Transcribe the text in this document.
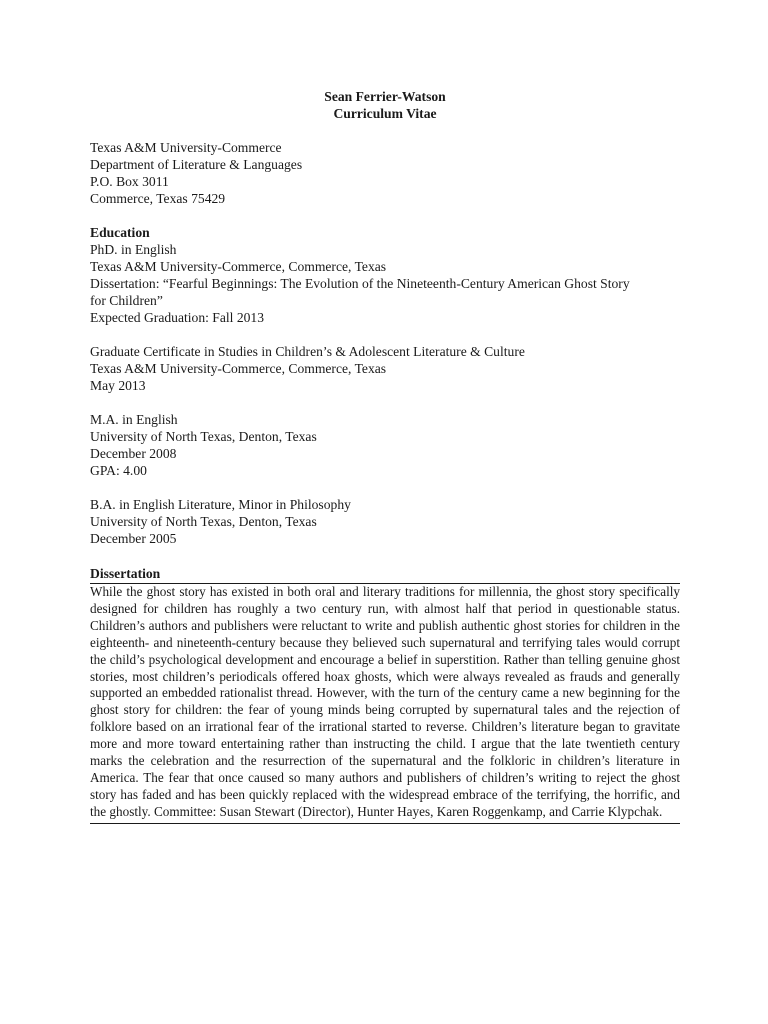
Sean Ferrier-Watson
Curriculum Vitae
Texas A&M University-Commerce
Department of Literature & Languages
P.O. Box 3011
Commerce, Texas 75429
Education
PhD. in English
Texas A&M University-Commerce, Commerce, Texas
Dissertation: “Fearful Beginnings: The Evolution of the Nineteenth-Century American Ghost Story
for Children”
Expected Graduation: Fall 2013
Graduate Certificate in Studies in Children’s & Adolescent Literature & Culture
Texas A&M University-Commerce, Commerce, Texas
May 2013
M.A. in English
University of North Texas, Denton, Texas
December 2008
GPA: 4.00
B.A. in English Literature, Minor in Philosophy
University of North Texas, Denton, Texas
December 2005
Dissertation
While the ghost story has existed in both oral and literary traditions for millennia, the ghost story specifically designed for children has roughly a two century run, with almost half that period in questionable status. Children’s authors and publishers were reluctant to write and publish authentic ghost stories for children in the eighteenth- and nineteenth-century because they believed such supernatural and terrifying tales would corrupt the child’s psychological development and encourage a belief in superstition. Rather than telling genuine ghost stories, most children’s periodicals offered hoax ghosts, which were always revealed as frauds and generally supported an embedded rationalist thread. However, with the turn of the century came a new beginning for the ghost story for children: the fear of young minds being corrupted by supernatural tales and the rejection of folklore based on an irrational fear of the irrational started to reverse. Children’s literature began to gravitate more and more toward entertaining rather than instructing the child. I argue that the late twentieth century marks the celebration and the resurrection of the supernatural and the folkloric in children’s literature in America. The fear that once caused so many authors and publishers of children’s writing to reject the ghost story has faded and has been quickly replaced with the widespread embrace of the terrifying, the horrific, and the ghostly. Committee: Susan Stewart (Director), Hunter Hayes, Karen Roggenkamp, and Carrie Klypchak.
